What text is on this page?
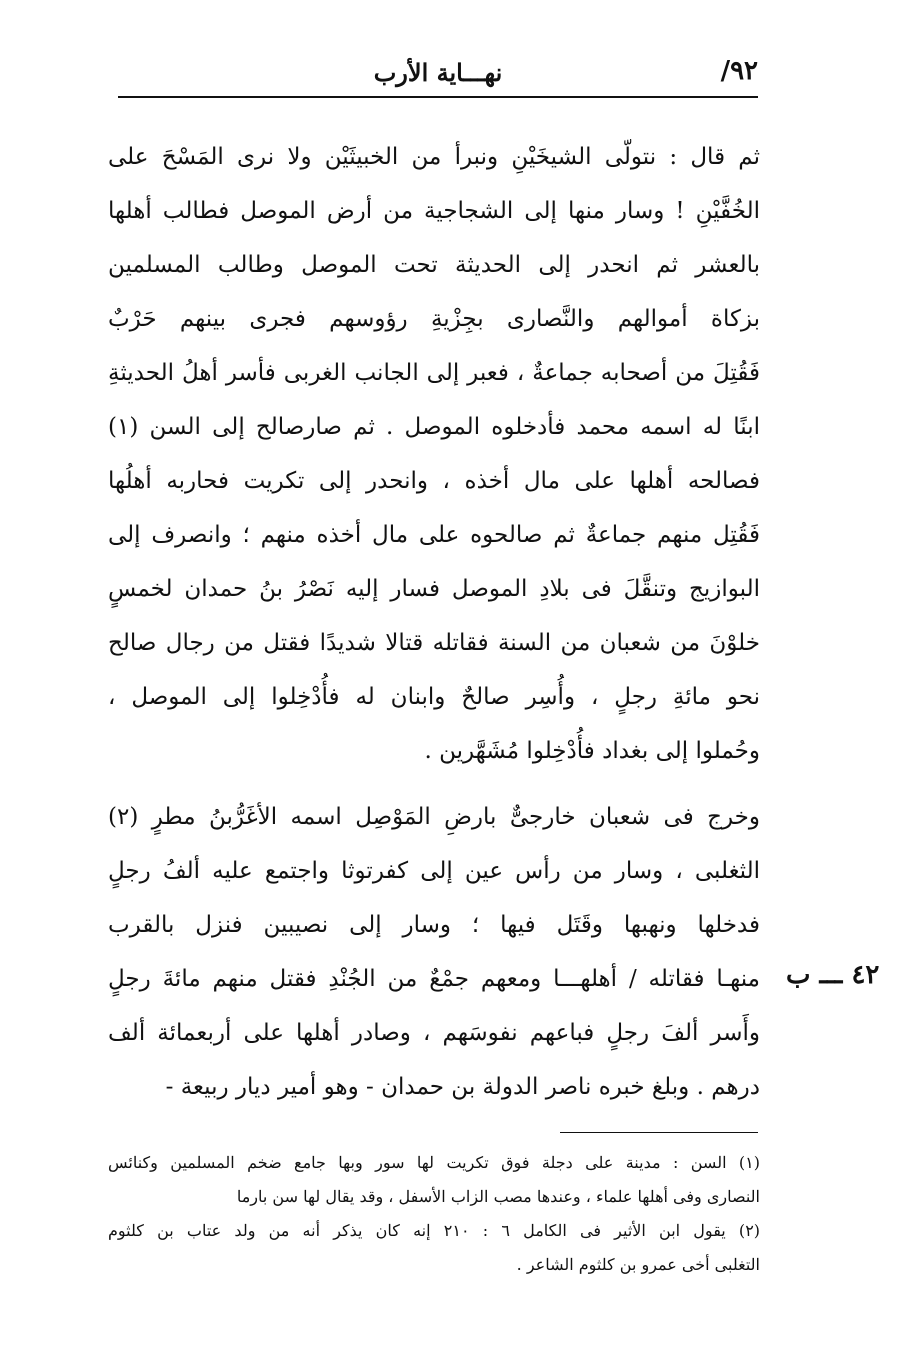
٩٢/
نهـــاية الأرب
ثم قال : نتولّى الشيخَيْنِ ونبرأ من الخبيثَيْن ولا نرى المَسْحَ على
الخُفَّيْنِ ! وسار منها إلى الشجاجية من أرض الموصل فطالب أهلها
بالعشر ثم انحدر إلى الحديثة تحت الموصل وطالب المسلمين
بزكاة أموالهم والنَّصارى بجِزْيةِ رؤوسهم فجرى بينهم حَرْبٌ
فَقُتِلَ من أصحابه جماعةٌ ، فعبر إلى الجانب الغربى فأسر أهلُ الحديثةِ
ابنًا له اسمه محمد فأدخلوه الموصل . ثم صارصالح إلى السن (١)
فصالحه أهلها على مال أخذه ، وانحدر إلى تكريت فحاربه أهلُها
فَقُتِل منهم جماعةٌ ثم صالحوه على مال أخذه منهم ؛ وانصرف إلى
البوازيج وتنقَّلَ فى بلادِ الموصل فسار إليه نَصْرُ بنُ حمدان لخمسٍ
خلوْنَ من شعبان من السنة فقاتله قتالا شديدًا فقتل من رجال صالح
نحو مائةِ رجلٍ ، وأُسِر صالحٌ وابنان له فأُدْخِلوا إلى الموصل ،
وحُملوا إلى بغداد فأُدْخِلوا مُشَهَّرين .
وخرج فى شعبان خارجىٌّ بارضِ المَوْصِل اسمه الأغَرُّبنُ مطرٍ (٢)
الثغلبى ، وسار من رأس عين إلى كفرتوثا واجتمع عليه ألفُ رجلٍ
فدخلها ونهبها وقَتَل فيها ؛ وسار إلى نصيبين فنزل بالقرب
منهـا فقاتله / أهلهـــا ومعهم جمْعٌ من الجُنْدِ فقتل منهم مائةَ رجلٍ
وأَسر ألفَ رجلٍ فباعهم نفوسَهم ، وصادر أهلها على أربعمائة ألف
درهم . وبلغ خبره ناصر الدولة بن حمدان - وهو أمير ديار ربيعة -
٤٢ ـــ ب
(١) السن : مدينة على دجلة فوق تكريت لها سور وبها جامع ضخم المسلمين وكنائس
النصارى وفى أهلها علماء ، وعندها مصب الزاب الأسفل ، وقد يقال لها سن بارما
(٢) يقول ابن الأثير فى الكامل ٦ : ٢١٠ إنه كان يذكر أنه من ولد عتاب بن كلثوم
التغلبى أخى عمرو بن كلثوم الشاعر .
